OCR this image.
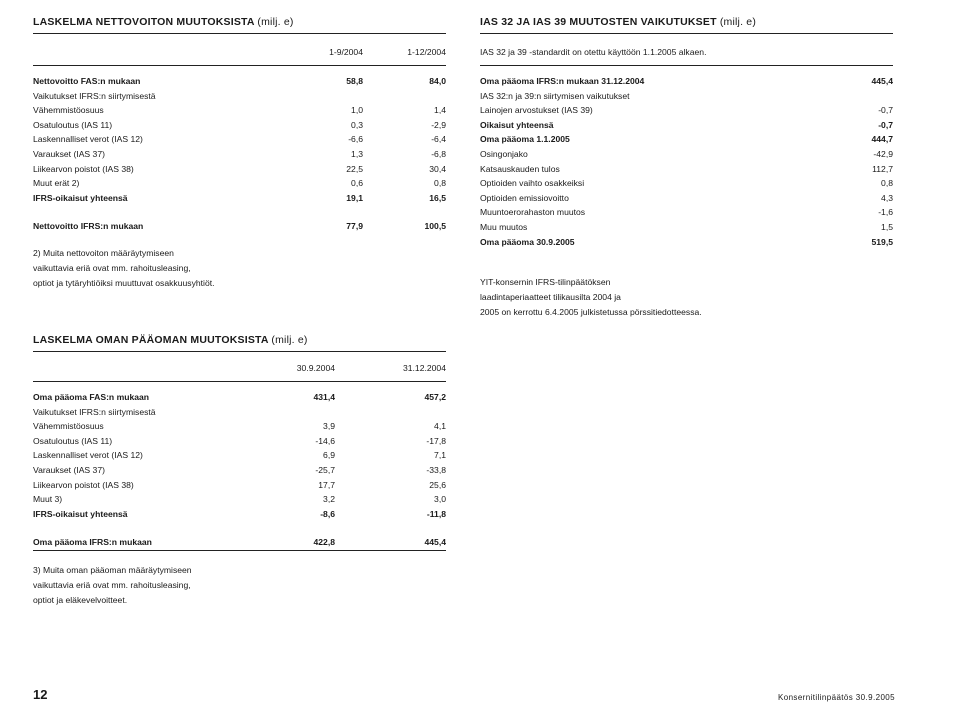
LASKELMA NETTOVOITON MUUTOKSISTA (milj. e)
1-9/2004	1-12/2004
Nettovoitto FAS:n mukaan	58,8	84,0
Vaikutukset IFRS:n siirtymisestä
Vähemmistöosuus	1,0	1,4
Osatuloutus (IAS 11)	0,3	-2,9
Laskennalliset verot (IAS 12)	-6,6	-6,4
Varaukset (IAS 37)	1,3	-6,8
Liikearvon poistot (IAS 38)	22,5	30,4
Muut erät 2)	0,6	0,8
IFRS-oikaisut yhteensä	19,1	16,5
Nettovoitto IFRS:n mukaan	77,9	100,5
2) Muita nettovoiton määräytymiseen
vaikuttavia eriä ovat mm. rahoitusleasing,
optiot ja tytäryhtiöiksi muuttuvat osakkuusyhtiöt.
LASKELMA OMAN PÄÄOMAN MUUTOKSISTA (milj. e)
30.9.2004	31.12.2004
Oma pääoma FAS:n mukaan	431,4	457,2
Vaikutukset IFRS:n siirtymisestä
Vähemmistöosuus	3,9	4,1
Osatuloutus (IAS 11)	-14,6	-17,8
Laskennalliset verot (IAS 12)	6,9	7,1
Varaukset (IAS 37)	-25,7	-33,8
Liikearvon poistot (IAS 38)	17,7	25,6
Muut 3)	3,2	3,0
IFRS-oikaisut yhteensä	-8,6	-11,8
Oma pääoma IFRS:n mukaan	422,8	445,4
3) Muita oman pääoman määräytymiseen
vaikuttavia eriä ovat mm. rahoitusleasing,
optiot ja eläkevelvoitteet.
IAS 32 JA IAS 39 MUUTOSTEN VAIKUTUKSET (milj. e)
IAS 32 ja 39 -standardit on otettu käyttöön 1.1.2005 alkaen.
Oma pääoma IFRS:n mukaan 31.12.2004	445,4
IAS 32:n ja 39:n siirtymisen vaikutukset
Lainojen arvostukset (IAS 39)	-0,7
Oikaisut yhteensä	-0,7
Oma pääoma 1.1.2005	444,7
Osingonjako	-42,9
Katsauskauden tulos	112,7
Optioiden vaihto osakkeiksi	0,8
Optioiden emissiovoitto	4,3
Muuntoerorahaston muutos	-1,6
Muu muutos	1,5
Oma pääoma 30.9.2005	519,5
YIT-konsernin IFRS-tilinpäätöksen
laadintaperiaatteet tilikausilta 2004 ja
2005 on kerrottu 6.4.2005 julkistetussa pörssitiedotteessa.
12	Konsernitilinpäätös 30.9.2005
